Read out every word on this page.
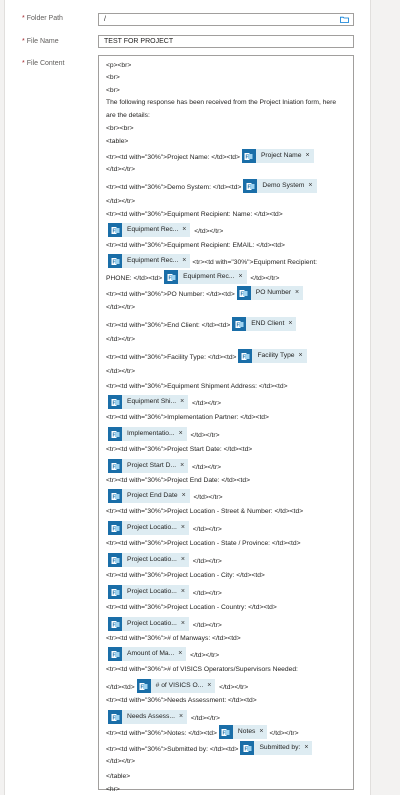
* Folder Path	/
* File Name	TEST FOR PROJECT
* File Content	<p><br>
<br>
<br>
The following response has been received from the Project Iniation form, here
are the details:
<br><br>
<table>
<tr><td with="30%">Project Name: </td><td> F	Project Name ×
</td></tr>
<tr><td with="30%">Demo System: </td><td> F	Demo System ×
</td></tr>
<tr><td with="30%">Equipment Recipient: Name: </td><td>
F	Equipment Rec... × </td></tr>
<tr><td with="30%">Equipment Recipient: EMAIL: </td><td>
F	Equipment Rec... × <tr><td with="30%">Equipment Recipient:
PHONE: </td><td> F	Equipment Rec... × </td></tr>
<tr><td with="30%">PO Number: </td><td> F	PO Number ×
</td></tr>
<tr><td with="30%">End Client: </td><td> F	END Client ×
</td></tr>
<tr><td with="30%">Facility Type: </td><td> F	Facility Type ×
</td></tr>
<tr><td with="30%">Equipment Shipment Address: </td><td>
F	Equipment Shi... × </td></tr>
<tr><td with="30%">Implementation Partner: </td><td>
F	Implementatio... × </td></tr>
<tr><td with="30%">Project Start Date: </td><td>
F	Project Start D... × </td></tr>
<tr><td with="30%">Project End Date: </td><td>
F	Project End Date × </td></tr>
<tr><td with="30%">Project Location - Street & Number: </td><td>
F	Project Locatio... × </td></tr>
<tr><td with="30%">Project Location - State / Province: </td><td>
F	Project Locatio... × </td></tr>
<tr><td with="30%">Project Location - City: </td><td>
F	Project Locatio... × </td></tr>
<tr><td with="30%">Project Location - Country: </td><td>
F	Project Locatio... × </td></tr>
<tr><td with="30%"># of Manways: </td><td>
F	Amount of Ma... × </td></tr>
<tr><td with="30%"># of VISICS Operators/Supervisors Needed:
</td><td> F	# of VISICS O... × </td></tr>
<tr><td with="30%">Needs Assessment: </td><td>
F	Needs Assess... × </td></tr>
<tr><td with="30%">Notes: </td><td> F	Notes × </td></tr>
<tr><td with="30%">Submitted by: </td><td> F	Submitted by: ×
</td></tr>
</table>
<hr>
